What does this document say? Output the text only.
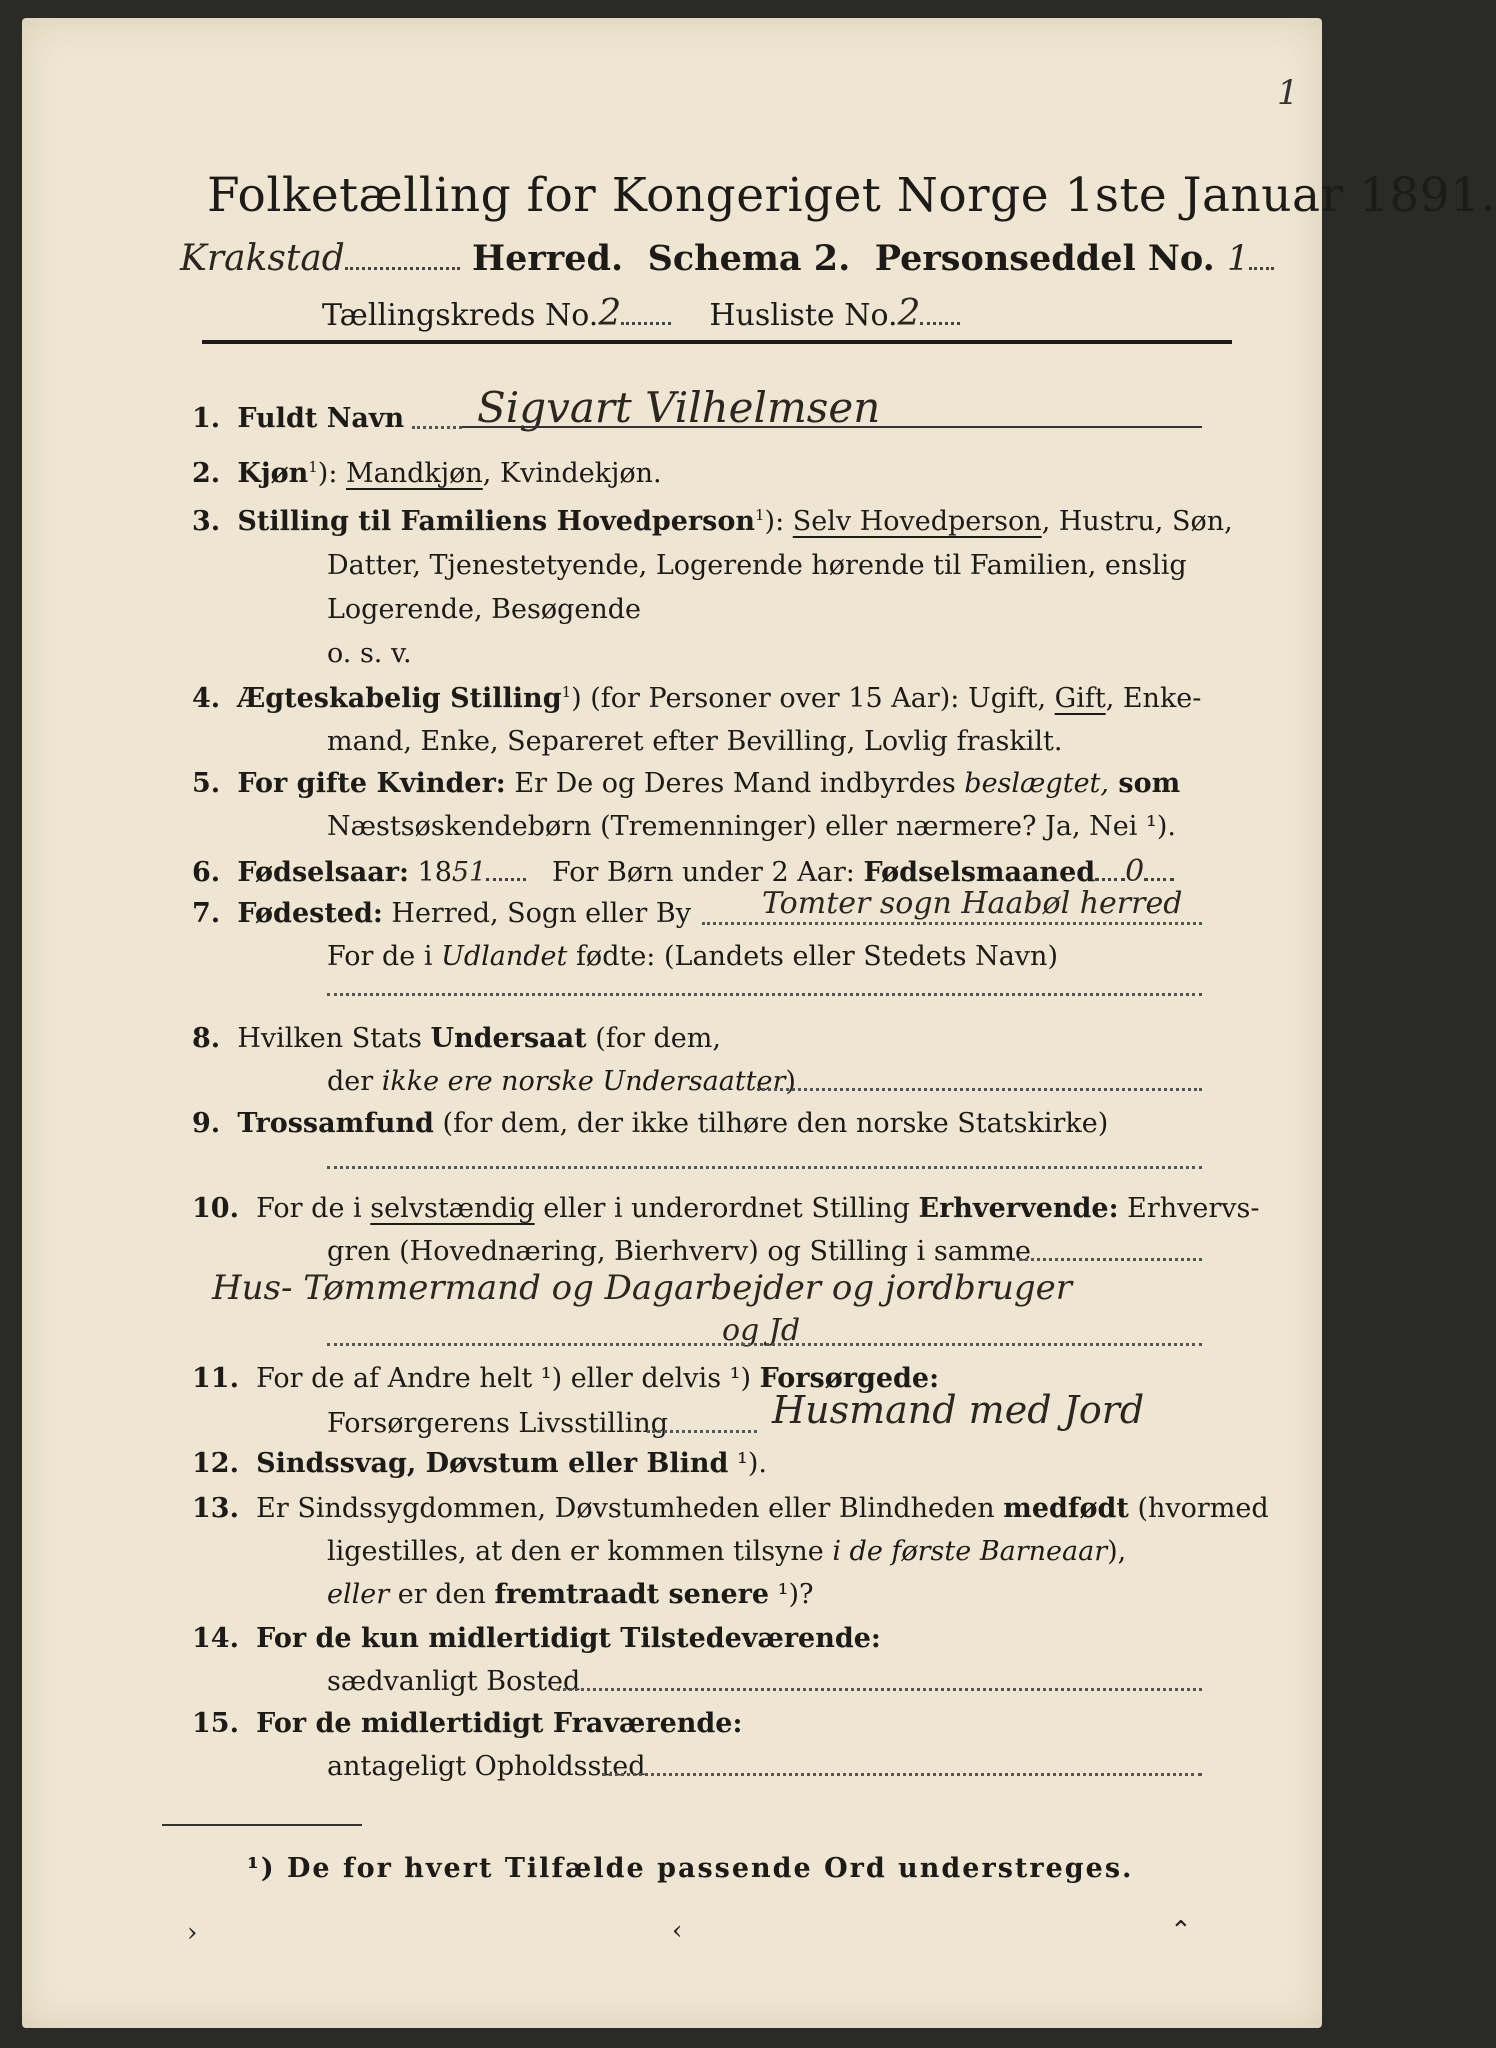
1
Folketælling for Kongeriget Norge 1ste Januar 1891.
Krakstad	Herred. Schema 2. Personseddel No. 1
Tællingskreds No.2	Husliste No.2
1. Fuldt Navn Sigvart Vilhelmsen
2. Kjøn$^1$): Mandkjøn, Kvindekjøn.
3. Stilling til Familiens Hovedperson$^1$): Selv Hovedperson, Hustru, Søn,
Datter, Tjenestetyende, Logerende hørende til Familien, enslig
Logerende, Besøgende
o. s. v.
4. Ægteskabelig Stilling$^1$) (for Personer over 15 Aar): Ugift, Gift, Enke-
mand, Enke, Separeret efter Bevilling, Lovlig fraskilt.
5. For gifte Kvinder: Er De og Deres Mand indbyrdes beslægtet, som
Næstsøskendebørn (Tremenninger) eller nærmere? Ja, Nei ¹).
6. Fødselsaar: 1851 For Børn under 2 Aar: Fødselsmaaned 0
7. Fødested: Herred, Sogn eller By Tomter sogn Haabøl herred
For de i Udlandet fødte: (Landets eller Stedets Navn)
8. Hvilken Stats Undersaat (for dem,
der ikke ere norske Undersaatter)
9. Trossamfund (for dem, der ikke tilhøre den norske Statskirke)
10. For de i selvstændig eller i underordnet Stilling Erhvervende: Erhvervs-
gren (Hovednæring, Bierhverv) og Stilling i samme
Hus- Tømmermand og Dagarbejder og jordbruger
og Jd
11. For de af Andre helt ¹) eller delvis ¹) Forsørgede:
Forsørgerens Livsstilling	Husmand med Jord
12. Sindssvag, Døvstum eller Blind ¹).
13. Er Sindssygdommen, Døvstumheden eller Blindheden medfødt (hvormed
ligestilles, at den er kommen tilsyne i de første Barneaar),
eller er den fremtraadt senere ¹)?
14. For de kun midlertidigt Tilstedeværende:
sædvanligt Bosted
15. For de midlertidigt Fraværende:
antageligt Opholdssted
¹) De for hvert Tilfælde passende Ord understreges.
›	‹	⌃
